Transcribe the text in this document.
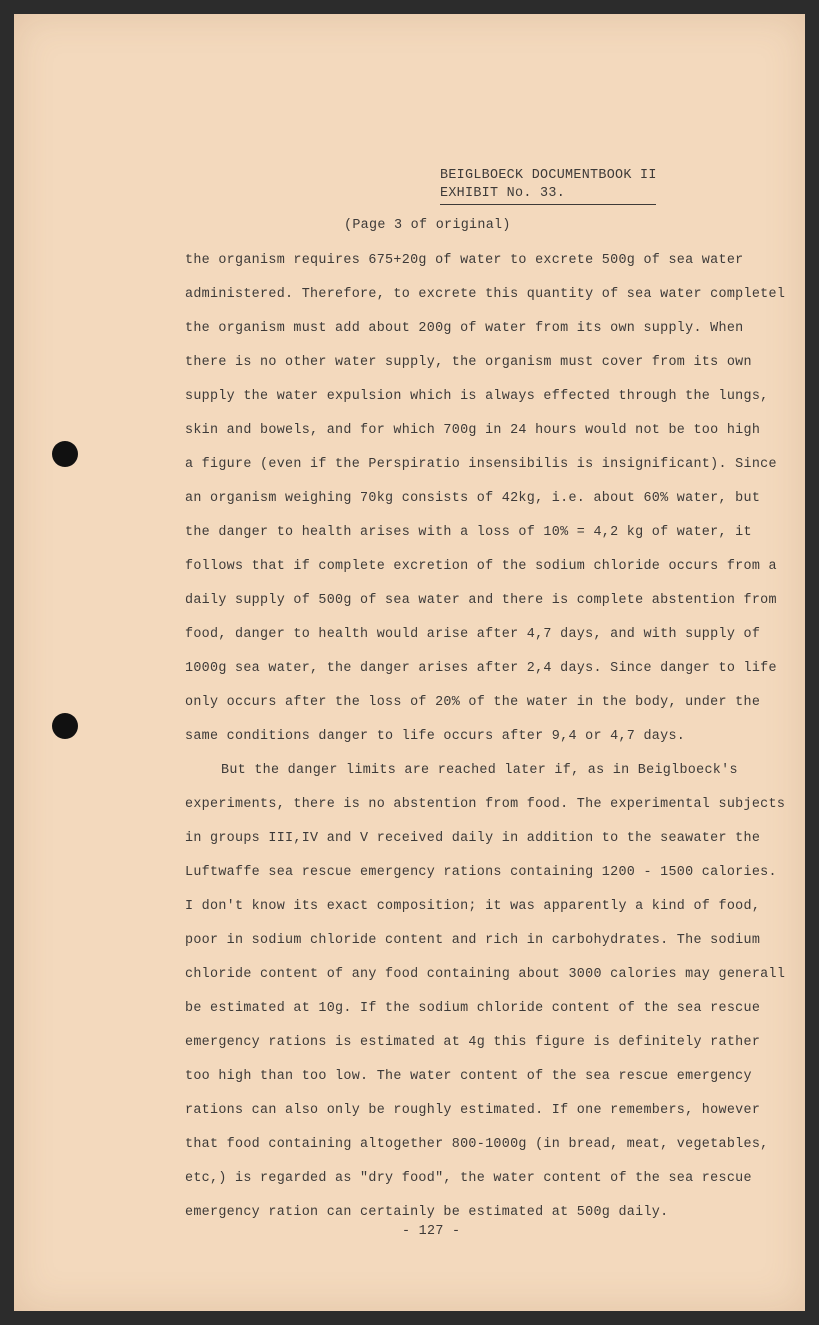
BEIGLBOECK DOCUMENTBOOK II
EXHIBIT No. 33.
(Page 3 of original)
the organism requires 675+20g of water to excrete 500g of sea water
administered. Therefore, to excrete this quantity of sea water completel
the organism must add about 200g of water from its own supply. When
there is no other water supply, the organism must cover from its own
supply the water expulsion which is always effected through the lungs,
skin and bowels, and for which 700g in 24 hours would not be too high
a figure (even if the Perspiratio insensibilis is insignificant). Since
an organism weighing 70kg consists of 42kg, i.e. about 60% water, but
the danger to health arises with a loss of 10% = 4,2 kg of water, it
follows that if complete excretion of the sodium chloride occurs from a
daily supply of 500g of sea water and there is complete abstention from
food, danger to health would arise after 4,7 days, and with supply of
1000g sea water, the danger arises after 2,4 days. Since danger to life
only occurs after the loss of 20% of the water in the body, under the
same conditions danger to life occurs after 9,4 or 4,7 days.
But the danger limits are reached later if, as in Beiglboeck's
experiments, there is no abstention from food. The experimental subjects
in groups III,IV and V received daily in addition to the seawater the
Luftwaffe sea rescue emergency rations containing 1200 - 1500 calories.
I don't know its exact composition; it was apparently a kind of food,
poor in sodium chloride content and rich in carbohydrates. The sodium
chloride content of any food containing about 3000 calories may generall
be estimated at 10g. If the sodium chloride content of the sea rescue
emergency rations is estimated at 4g this figure is definitely rather
too high than too low. The water content of the sea rescue emergency
rations can also only be roughly estimated. If one remembers, however
that food containing altogether 800-1000g (in bread, meat, vegetables,
etc,) is regarded as "dry food", the water content of the sea rescue
emergency ration can certainly be estimated at 500g daily.
- 127 -
